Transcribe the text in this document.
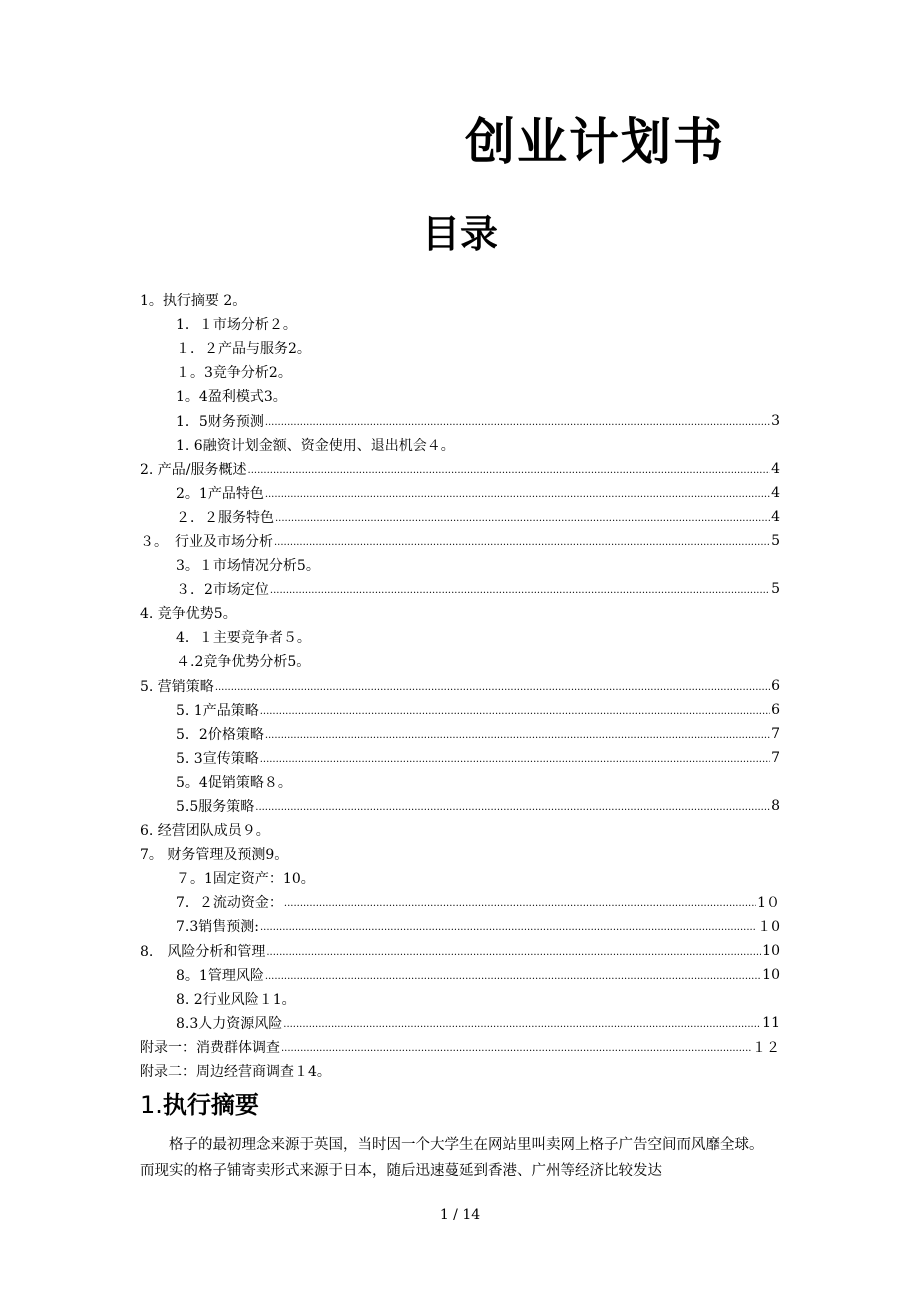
创业计划书
目录
1。执行摘要 2。
1．１市场分析２。
１．２产品与服务2。
１。3竞争分析2。
1。4盈利模式3。
1．5财务预测 .....	3
1. 6融资计划金额、资金使用、退出机会４。
2. 产品/服务概述 .....	4
2。1产品特色 .....	4
２．２服务特色 .....	4
３。　行业及市场分析 .....	5
3。１市场情况分析5。
３．2市场定位 .....	5
4. 竞争优势5。
4．１主要竞争者５。
４.2竞争优势分析5。
5. 营销策略 .....	6
5. 1产品策略 .....	6
5．2价格策略 .....	7
5. 3宣传策略 .....	7
5。4促销策略８。
5.5服务策略 .....	8
6. 经营团队成员９。
7。 财务管理及预测9。
７。1固定资产：10。
7．２流动资金： .....	1０
7.3销售预测: .....	１0
8.　风险分析和管理 .....	10
8。1管理风险 .....	10
8. 2行业风险１1。
8.3人力资源风险 .....	11
附录一：消费群体调查 .....	１２
附录二：周边经营商调查１4。
1.执行摘要

格子的最初理念来源于英国，当时因一个大学生在网站里叫卖网上格子广告空间而风靡全球。 而现实的格子铺寄卖形式来源于日本，随后迅速蔓延到香港、广州等经济比较发达

1 / 14
